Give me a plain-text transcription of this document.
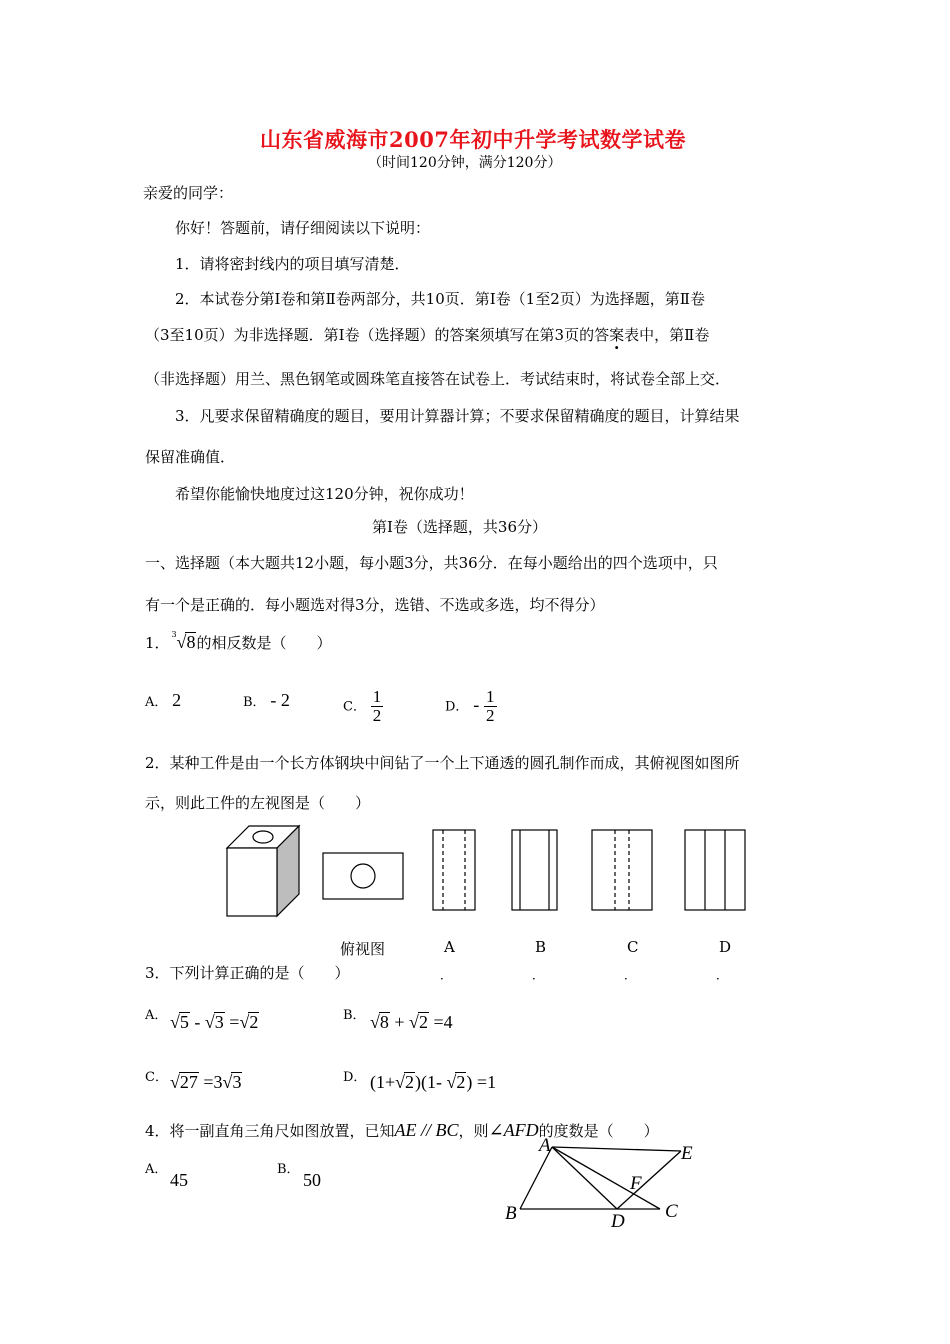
山东省威海市2007年初中升学考试数学试卷
（时间120分钟，满分120分）
亲爱的同学：
你好！答题前，请仔细阅读以下说明：
1．请将密封线内的项目填写清楚．
2．本试卷分第Ⅰ卷和第Ⅱ卷两部分，共10页．第Ⅰ卷（1至2页）为选择题，第Ⅱ卷
（3至10页）为非选择题．第Ⅰ卷（选择题）的答案须填写在第3页的答案表中，第Ⅱ卷
（非选择题）用兰、黑色钢笔或圆珠笔直接答在试卷上．考试结束时，将试卷全部上交．
3．凡要求保留精确度的题目，要用计算器计算；不要求保留精确度的题目，计算结果
保留准确值．
希望你能愉快地度过这120分钟，祝你成功！
第Ⅰ卷（选择题，共36分）
一、选择题（本大题共12小题，每小题3分，共36分．在每小题给出的四个选项中，只
有一个是正确的．每小题选对得3分，选错、不选或多选，均不得分）
1． 3 √8的相反数是（　　）
A． 2	B． - 2	C． $\frac{1}{2}$	D． - $\frac{1}{2}$
2．某种工件是由一个长方体钢块中间钻了一个上下通透的圆孔制作而成，其俯视图如图所
示，则此工件的左视图是（　　）
俯视图	A	B	C	D
．	．	．	．
3．下列计算正确的是（　　）
A． √5 - √3 =√2	B． √8 + √2 =4
C． √27 =3√3	D． (1+√2)(1- √2) =1
4．将一副直角三角尺如图放置，已知AE // BC，则∠AFD的度数是（　　）
A．
45
B．
50
A	E
F
B	D C
